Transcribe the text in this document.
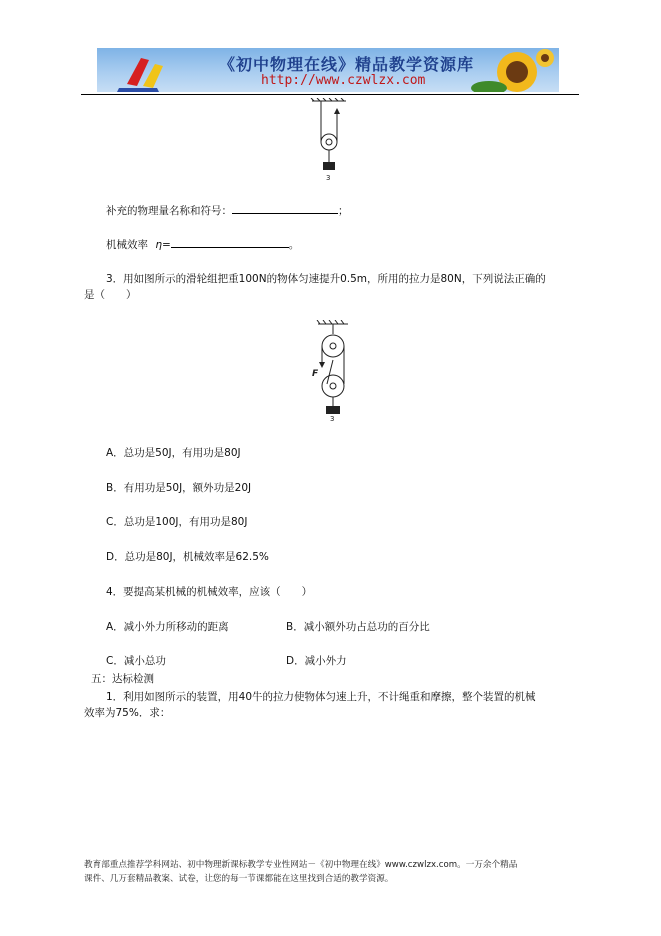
《初中物理在线》精品教学资源库
http://www.czwlzx.com
3
补充的物理量名称和符号：	；
机械效率 η=	。
3．用如图所示的滑轮组把重100N的物体匀速提升0.5m，所用的拉力是80N，下列说法正确的
是（　　）
F
3
A．总功是50J，有用功是80J
B．有用功是50J，额外功是20J
C．总功是100J，有用功是80J
D．总功是80J，机械效率是62.5%
4．要提高某机械的机械效率，应该（　　）
A．减小外力所移动的距离	B．减小额外功占总功的百分比
C．减小总功	D．减小外力
五：达标检测
1．利用如图所示的装置，用40牛的拉力使物体匀速上升，不计绳重和摩擦，整个装置的机械
效率为75%．求：
教育部重点推荐学科网站、初中物理新课标教学专业性网站－《初中物理在线》www.czwlzx.com。一万余个精品
课件、几万套精品教案、试卷，让您的每一节课都能在这里找到合适的教学资源。
